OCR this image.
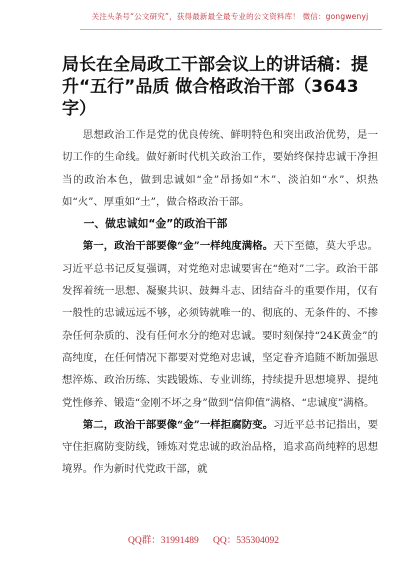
关注头条号“公文研究”，获得最新最全最专业的公文资料库！ 微信：gongwenyj
局长在全局政工干部会议上的讲话稿：提升“五行”品质 做合格政治干部（3643字）

思想政治工作是党的优良传统、鲜明特色和突出政治优势，是一切工作的生命线。做好新时代机关政治工作，要始终保持忠诚干净担当的政治本色，做到忠诚如“金”昂扬如“木”、淡泊如“水”、炽热如“火”、厚重如“土”，做合格政治干部。

一、做忠诚如“金”的政治干部

第一，政治干部要像“金”一样纯度满格。天下至德，莫大乎忠。习近平总书记反复强调，对党绝对忠诚要害在“绝对”二字。政治干部发挥着统一思想、凝聚共识、鼓舞斗志、团结奋斗的重要作用，仅有一般性的忠诚远远不够，必须铸就唯一的、彻底的、无条件的、不掺杂任何杂质的、没有任何水分的绝对忠诚。要时刻保持“24K黄金”的高纯度，在任何情况下都要对党绝对忠诚，坚定眷齐追随不断加强思想淬炼、政治历练、实践锻炼、专业训练，持续提升思想境界、提纯党性修养、锻造“金刚不坏之身”做到“信仰值”满格、“忠诚度”满格。

第二，政治干部要像“金”一样拒腐防变。习近平总书记指出，要守住拒腐防变防线，锤炼对党忠诚的政治品格，追求高尚纯粹的思想境界。作为新时代党政干部，就

QQ群：31991489 QQ：535304092
